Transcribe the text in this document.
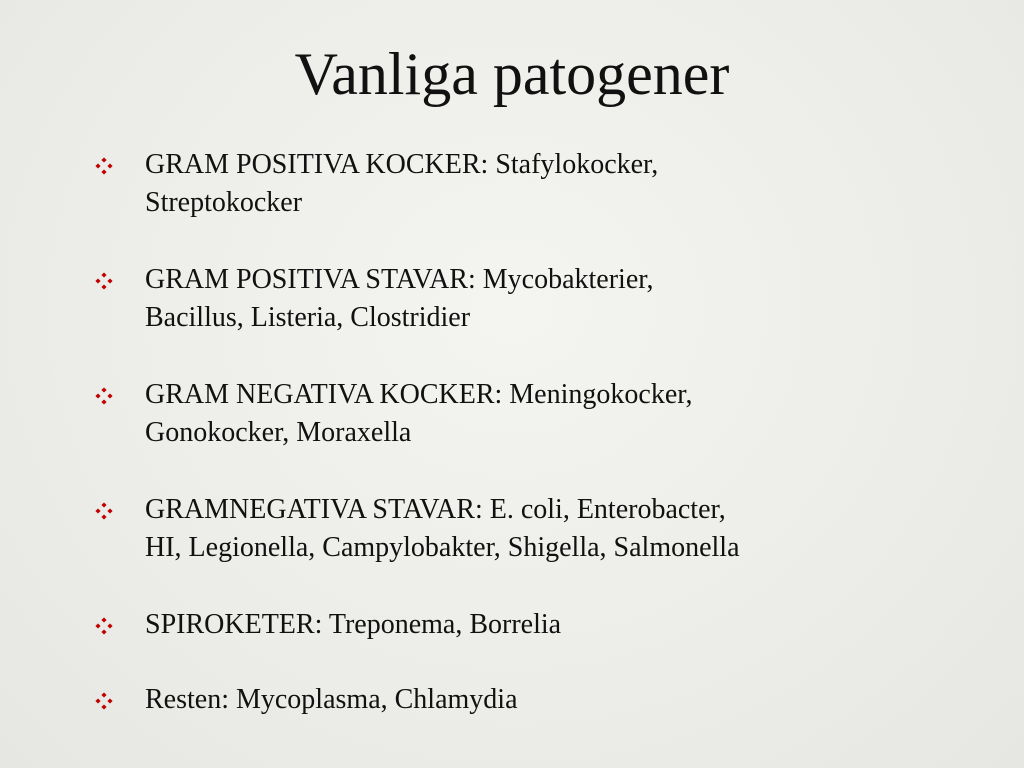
Vanliga patogener
GRAM POSITIVA KOCKER: Stafylokocker,
Streptokocker
GRAM POSITIVA STAVAR: Mycobakterier,
Bacillus, Listeria, Clostridier
GRAM NEGATIVA KOCKER: Meningokocker,
Gonokocker, Moraxella
GRAMNEGATIVA STAVAR: E. coli, Enterobacter,
HI, Legionella, Campylobakter, Shigella, Salmonella
SPIROKETER: Treponema, Borrelia
Resten: Mycoplasma, Chlamydia
